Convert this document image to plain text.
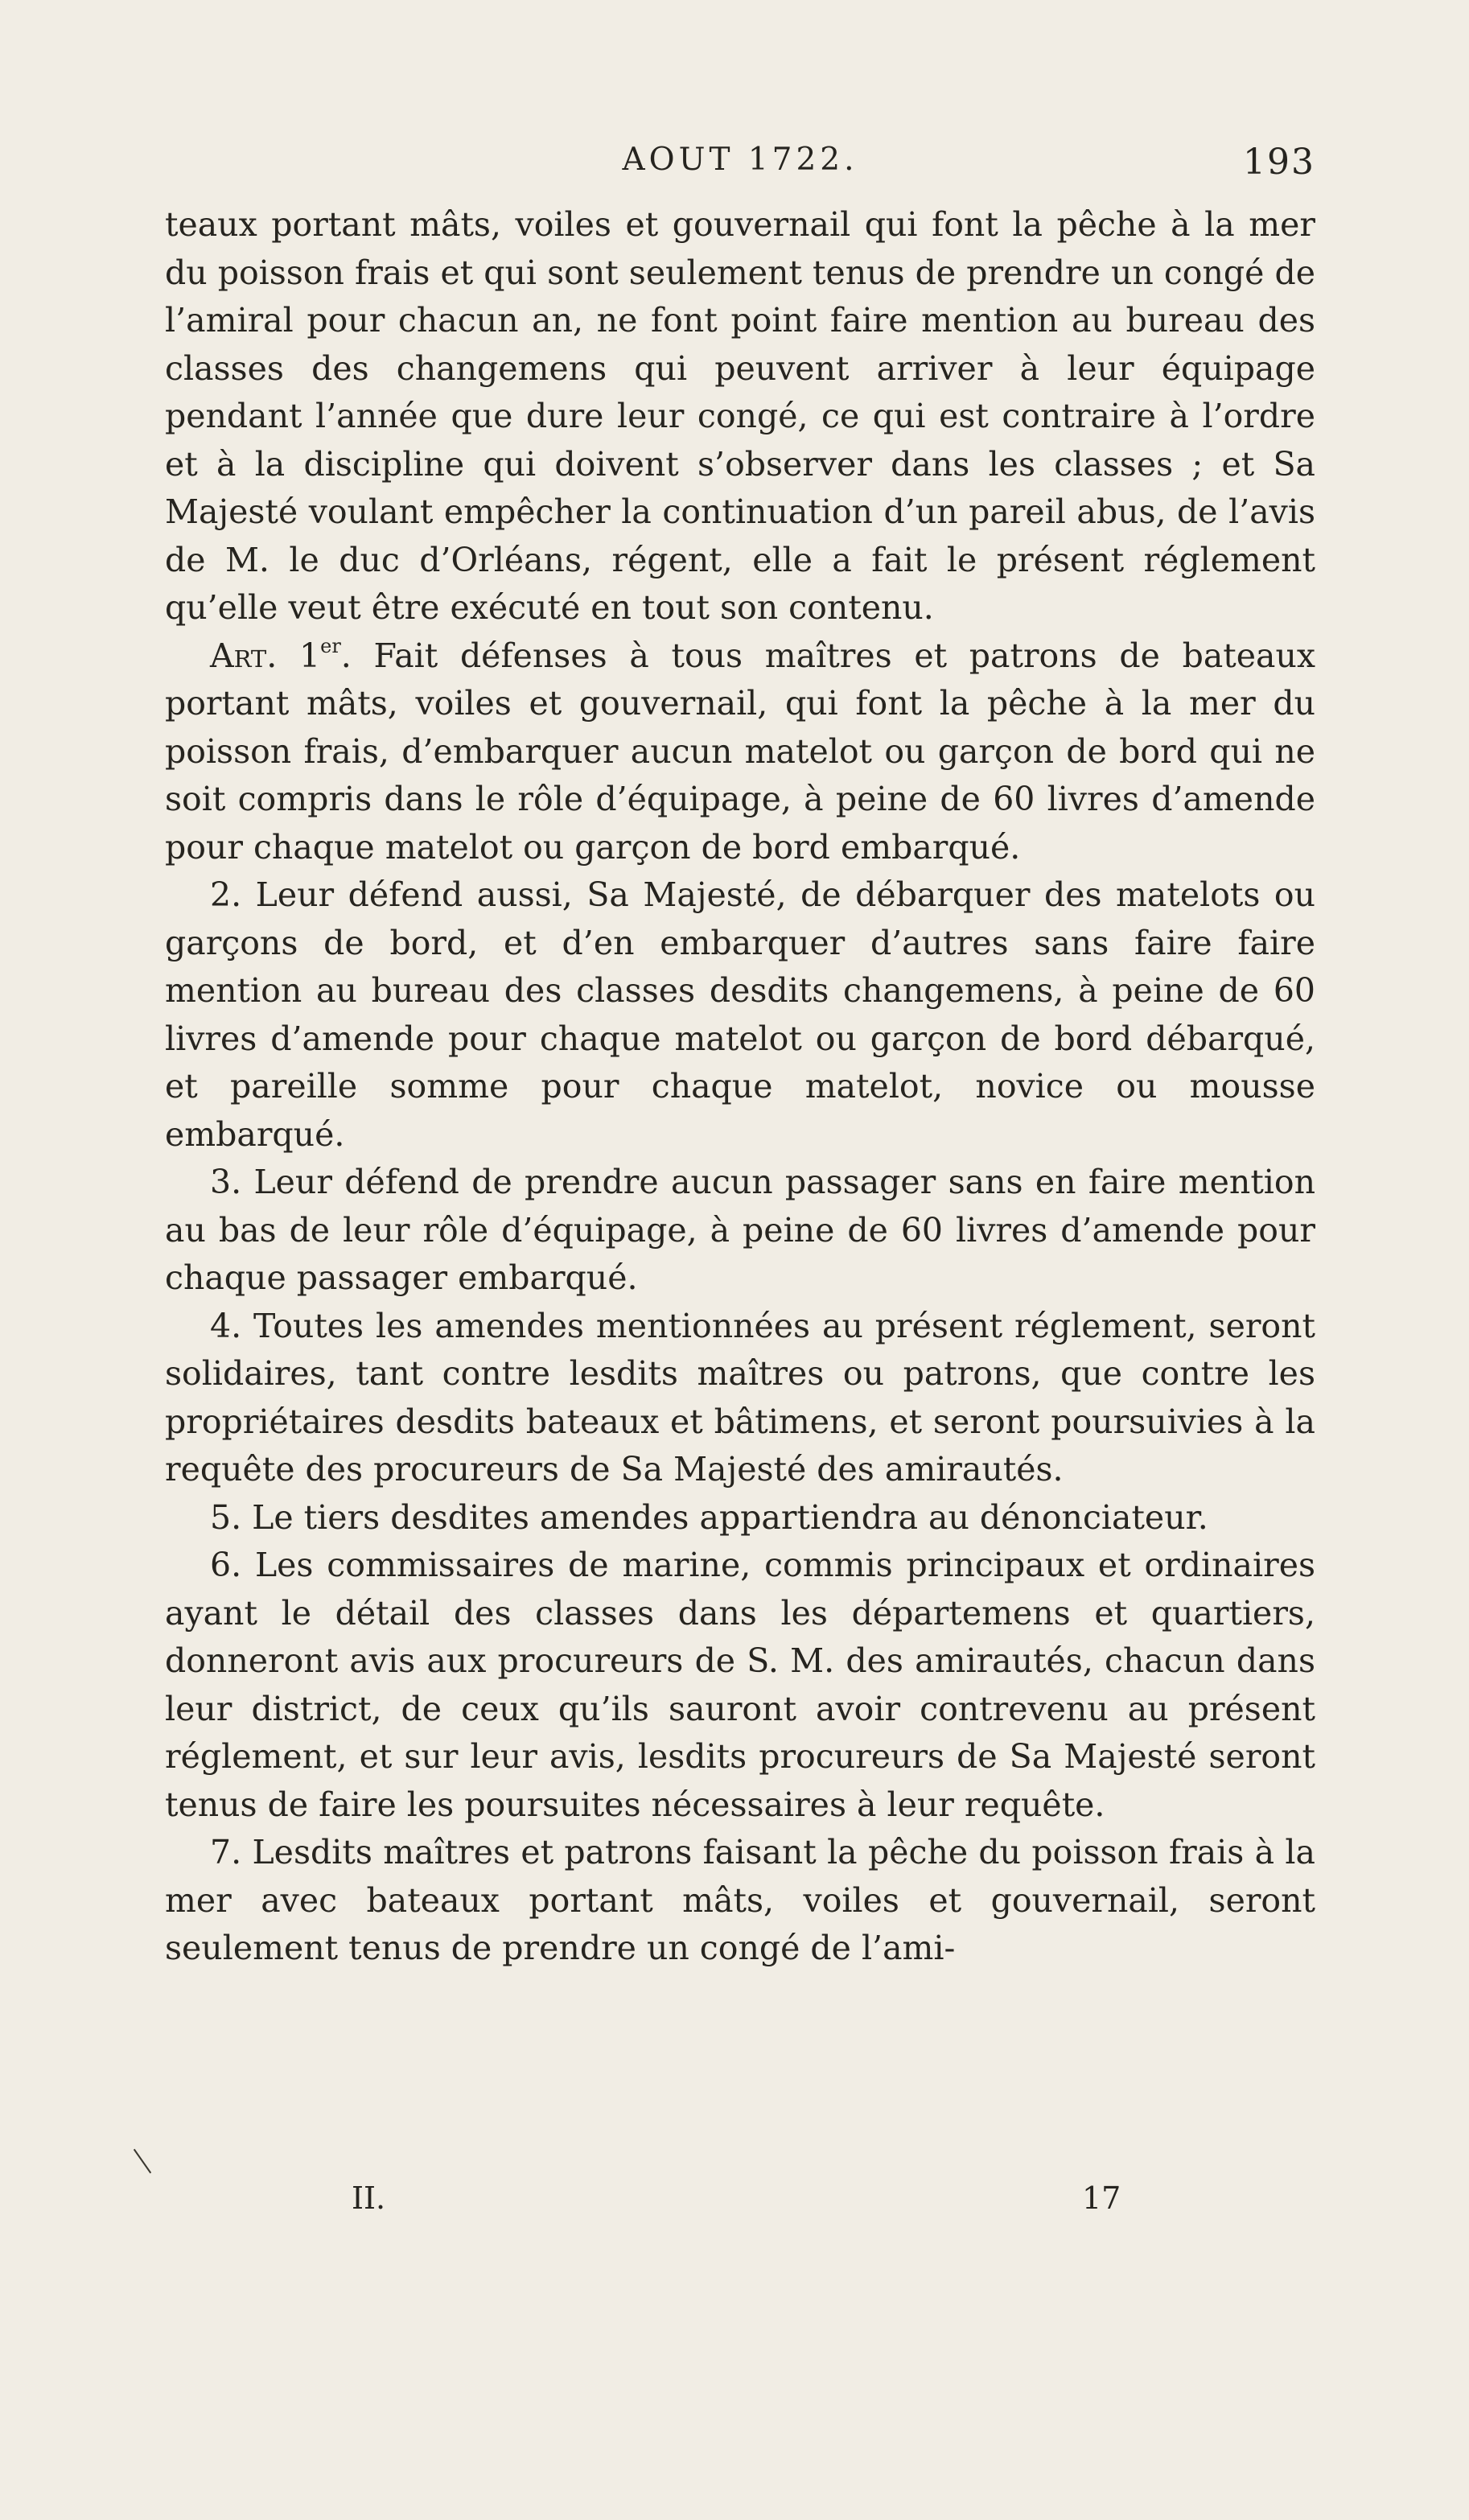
AOUT 1722.	193

teaux portant mâts, voiles et gouvernail qui font la pêche à la mer du poisson frais et qui sont seulement tenus de prendre un congé de l’amiral pour chacun an, ne font point faire mention au bureau des classes des changemens qui peuvent arriver à leur équipage pendant l’année que dure leur congé, ce qui est contraire à l’ordre et à la discipline qui doivent s’observer dans les classes ; et Sa Majesté voulant empêcher la continuation d’un pareil abus, de l’avis de M. le duc d’Orléans, régent, elle a fait le présent réglement qu’elle veut être exécuté en tout son contenu.

Art. 1er. Fait défenses à tous maîtres et patrons de bateaux portant mâts, voiles et gouvernail, qui font la pêche à la mer du poisson frais, d’embarquer aucun matelot ou garçon de bord qui ne soit compris dans le rôle d’équipage, à peine de 60 livres d’amende pour chaque matelot ou garçon de bord embarqué.

2. Leur défend aussi, Sa Majesté, de débarquer des matelots ou garçons de bord, et d’en embarquer d’autres sans faire faire mention au bureau des classes desdits changemens, à peine de 60 livres d’amende pour chaque matelot ou garçon de bord débarqué, et pareille somme pour chaque matelot, novice ou mousse embarqué.

3. Leur défend de prendre aucun passager sans en faire mention au bas de leur rôle d’équipage, à peine de 60 livres d’amende pour chaque passager embarqué.

4. Toutes les amendes mentionnées au présent réglement, seront solidaires, tant contre lesdits maîtres ou patrons, que contre les propriétaires desdits bateaux et bâtimens, et seront poursuivies à la requête des procureurs de Sa Majesté des amirautés.

5. Le tiers desdites amendes appartiendra au dénonciateur.

6. Les commissaires de marine, commis principaux et ordinaires ayant le détail des classes dans les départemens et quartiers, donneront avis aux procureurs de S. M. des amirautés, chacun dans leur district, de ceux qu’ils sauront avoir contrevenu au présent réglement, et sur leur avis, lesdits procureurs de Sa Majesté seront tenus de faire les poursuites nécessaires à leur requête.

7. Lesdits maîtres et patrons faisant la pêche du poisson frais à la mer avec bateaux portant mâts, voiles et gouvernail, seront seulement tenus de prendre un congé de l’ami-

II.	17
